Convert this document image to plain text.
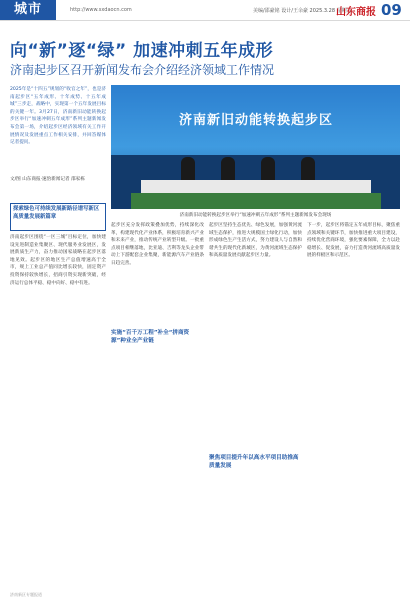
城市	http://www.sxdaocn.com	美编/邵豪铭 设计/王余豪 2025.3.28 星期五
山东商报 09
向“新”逐“绿” 加速冲刺五年成形
济南起步区召开新闻发布会介绍经济领域工作情况
2025年是“十四五”规划的“收官之年”，也是济南起步区“五年成形、十年成势、十五年成城”三步走，战略中，实现第一个五年发展目标的关键一年。3月27日，济南新旧动能转换起步区举行“加速冲刺五年成形”系列主题新闻发布会第一场，介绍起步区经济领域有关工作开展情况及发展重点工作相关安排，并回答媒体记者提问。
济南新旧动能转换起步区
济南新旧动能转换起步区举行“加速冲刺五年成形”系列主题新闻发布会现场
文/图 山东商报·速豹新闻记者 邵家栋
探索绿色可持续发展新路径谱写新区高质量发展新篇章
济南起步区围绕“一区三城”目标定位，加快建设先进制造业集聚区、现代服务业发展区，发展新质生产力，奋力推动国家战略在起步区落地见效。起步区的地区生产总值增速高于全市，规上工业总产值同比增长较快，固定资产投资保持较快增长，招商引资实现新突破，经济运行总体平稳、稳中向好、稳中有进。
起步区充分发挥政策叠加优势，持续深化改革，构建现代化产业体系，积极培育新兴产业和未来产业，推动传统产业转型升级。一批重点项目相继落地，比亚迪、吉利等龙头企业带动上下游配套企业集聚，新能源汽车产业链条日趋完善。
实施“百千万工程”补全“拼商资源”种业全产业链
起步区坚持生态优先、绿色发展，加强黄河流域生态保护，推进大规模国土绿化行动，加快形成绿色生产生活方式，努力建设人与自然和谐共生的现代化新城区，为黄河流域生态保护和高质量发展贡献起步区力量。
聚焦项目提升年以高水平项目助推高质量发展
下一步，起步区将锚定五年成形目标，聚焦重点领域和关键环节，加快推进重大项目建设，持续优化营商环境，强化要素保障，全力以赴稳增长、促发展，奋力打造黄河流域高质量发展的样板区和示范区。
济南新区专题报道
